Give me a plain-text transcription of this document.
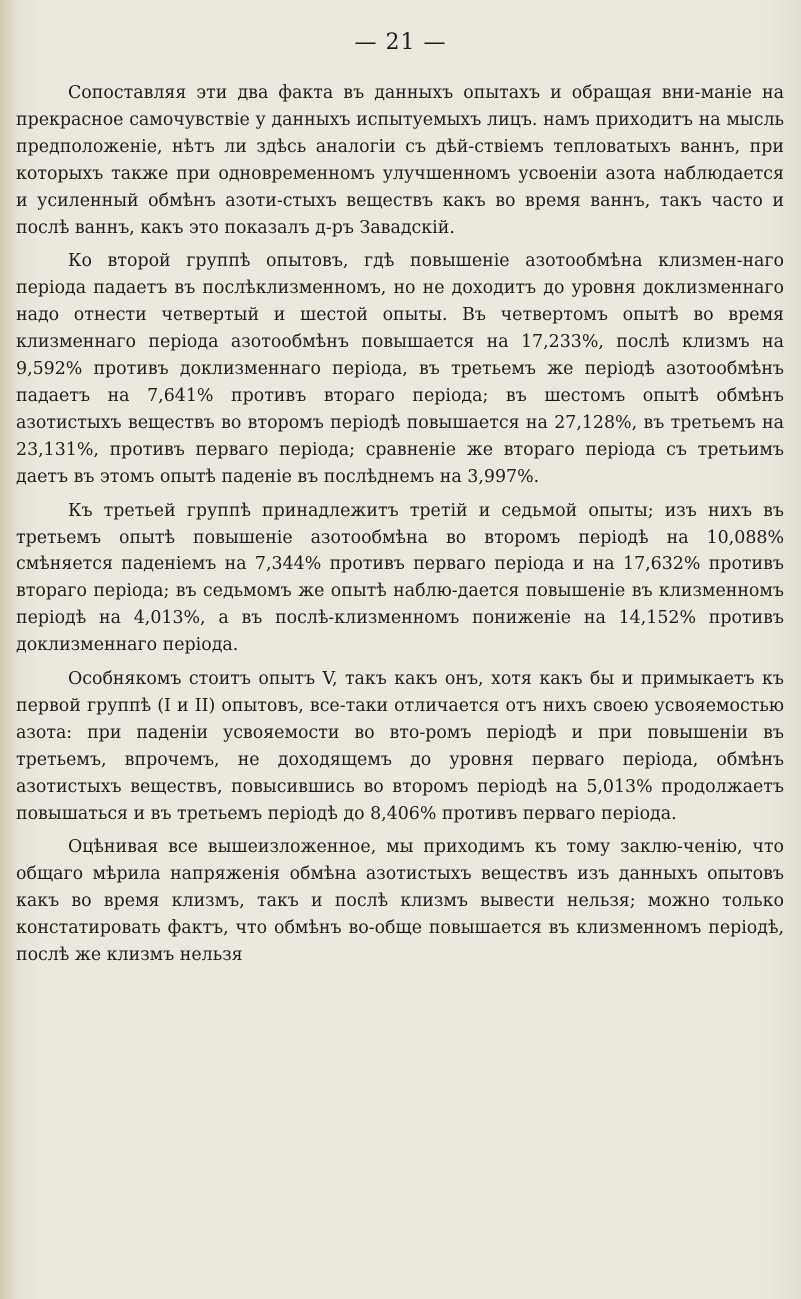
— 21 —

Сопоставляя эти два факта въ данныхъ опытахъ и обращая вни-маніе на прекрасное самочувствіе у данныхъ испытуемыхъ лицъ. намъ приходитъ на мысль предположеніе, нѣтъ ли здѣсь аналогіи съ дѣй-ствіемъ тепловатыхъ ваннъ, при которыхъ также при одновременномъ улучшенномъ усвоеніи азота наблюдается и усиленный обмѣнъ азоти-стыхъ веществъ какъ во время ваннъ, такъ часто и послѣ ваннъ, какъ это показалъ д-ръ Завадскій.

Ко второй группѣ опытовъ, гдѣ повышеніе азотообмѣна клизмен-наго періода падаетъ въ послѣклизменномъ, но не доходитъ до уровня доклизменнаго надо отнести четвертый и шестой опыты. Въ четвертомъ опытѣ во время клизменнаго періода азотообмѣнъ повышается на 17,233%, послѣ клизмъ на 9,592% противъ доклизменнаго періода, въ третьемъ же періодѣ азотообмѣнъ падаетъ на 7,641% противъ втораго періода; въ шестомъ опытѣ обмѣнъ азотистыхъ веществъ во второмъ періодѣ повышается на 27,128%, въ третьемъ на 23,131%, противъ перваго періода; сравненіе же втораго періода съ третьимъ даетъ въ этомъ опытѣ паденіе въ послѣднемъ на 3,997%.

Къ третьей группѣ принадлежитъ третій и седьмой опыты; изъ нихъ въ третьемъ опытѣ повышеніе азотообмѣна во второмъ періодѣ на 10,088% смѣняется паденіемъ на 7,344% противъ перваго періода и на 17,632% противъ втораго періода; въ седьмомъ же опытѣ наблю-дается повышеніе въ клизменномъ періодѣ на 4,013%, а въ послѣ-клизменномъ пониженіе на 14,152% противъ доклизменнаго періода.

Особнякомъ стоитъ опытъ V, такъ какъ онъ, хотя какъ бы и примыкаетъ къ первой группѣ (I и II) опытовъ, все-таки отличается отъ нихъ своею усвояемостью азота: при паденіи усвояемости во вто-ромъ періодѣ и при повышеніи въ третьемъ, впрочемъ, не доходящемъ до уровня перваго періода, обмѣнъ азотистыхъ веществъ, повысившись во второмъ періодѣ на 5,013% продолжаетъ повышаться и въ третьемъ періодѣ до 8,406% противъ перваго періода.

Оцѣнивая все вышеизложенное, мы приходимъ къ тому заклю-ченію, что общаго мѣрила напряженія обмѣна азотистыхъ веществъ изъ данныхъ опытовъ какъ во время клизмъ, такъ и послѣ клизмъ вывести нельзя; можно только констатировать фактъ, что обмѣнъ во-обще повышается въ клизменномъ періодѣ, послѣ же клизмъ нельзя
